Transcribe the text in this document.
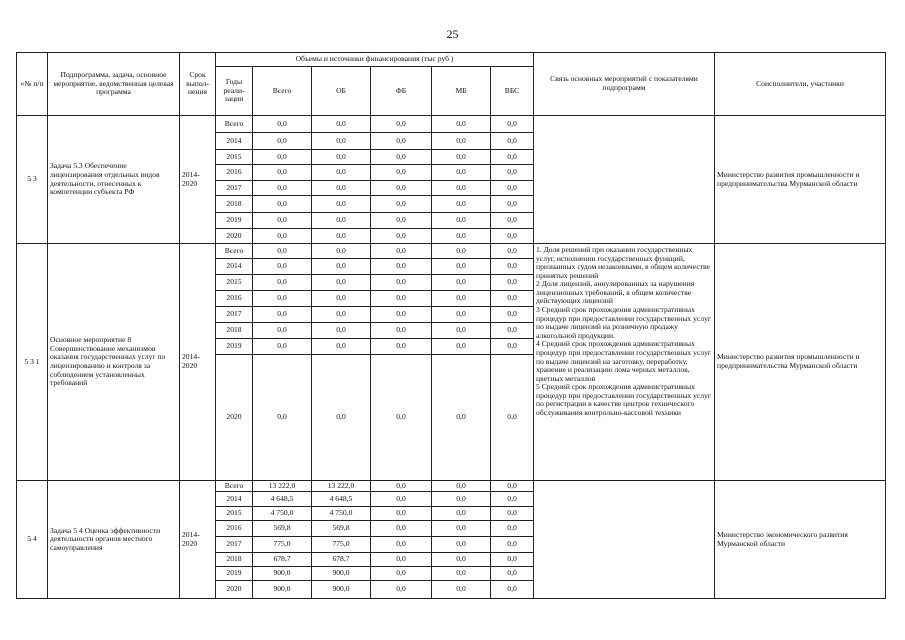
25
«№ п/п	Подпрограмма, задача, основное мероприятие, ведомственная целевая программа	Срок выпол-нения	Объемы и источники финансирования (тыс руб )						Связь основных мероприятий с показателями подпрограмм	Соисполнители, участники
			Годы реали-зации	Всего	ОБ	ФБ	МБ	ВБС		
5 3	Задача 5.3 Обеспечение лицензирования отдельных видов деятельности, отнесенных к компетенции субъекта РФ	2014-2020	Всего	0,0	0,0	0,0	0,0	0,0		Министерство развития промышленности и предпринимательства Мурманской области
			2014	0,0	0,0	0,0	0,0	0,0		
			2015	0,0	0,0	0,0	0,0	0,0		
			2016	0,0	0,0	0,0	0,0	0,0		
			2017	0,0	0,0	0,0	0,0	0,0		
			2018	0,0	0,0	0,0	0,0	0,0		
			2019	0,0	0,0	0,0	0,0	0,0		
			2020	0,0	0,0	0,0	0,0	0,0		
5 3 1	Основное мероприятие 8 Совершенствование механизмов оказания государственных услуг по лицензированию и контроля за соблюдением установленных требований	2014-2020	Всего	0,0	0,0	0,0	0,0	0,0	1. Доля решений при оказании государственных услуг, исполнении государственных функций, признанных судом незаконными, в общем количестве принятых решений
2 Доля лицензий, аннулированных за нарушения лицензионных требований, в общем количестве действующих лицензий
3 Средний срок прохождения административных процедур при предоставлении государственных услуг по выдаче лицензий на розничную продажу алкогольной продукции.
4 Средний срок прохождения административных процедур при предоставлении государственных услуг по выдаче лицензий на заготовку, переработку, хранение и реализацию лома черных металлов, цветных металлов
5 Средний срок прохождения административных процедур при предоставлении государственных услуг по регистрации в качестве центров технического обслуживания контрольно-кассовой техники	Министерство развития промышленности и предпринимательства Мурманской области
			2014	0,0	0,0	0,0	0,0	0,0		
			2015	0,0	0,0	0,0	0,0	0,0		
			2016	0,0	0,0	0,0	0,0	0,0		
			2017	0,0	0,0	0,0	0,0	0,0		
			2018	0,0	0,0	0,0	0,0	0,0		
			2019	0,0	0,0	0,0	0,0	0,0		
			2020	0,0	0,0	0,0	0,0	0,0		
5 4	Задача 5 4 Оценка эффективности деятельности органов местного самоуправления	2014-2020	Всего	13 222,0	13 222,0	0,0	0,0	0,0		Министерство экономического развития Мурманской области
			2014	4 648,5	4 648,5	0,0	0,0	0,0		
			2015	4 750,0	4 750,0	0,0	0,0	0,0		
			2016	569,8	569,8	0,0	0,0	0,0		
			2017	775,0	775,0	0,0	0,0	0,0		
			2018	678,7	678,7	0,0	0,0	0,0		
			2019	900,0	900,0	0,0	0,0	0,0		
			2020	900,0	900,0	0,0	0,0	0,0		
